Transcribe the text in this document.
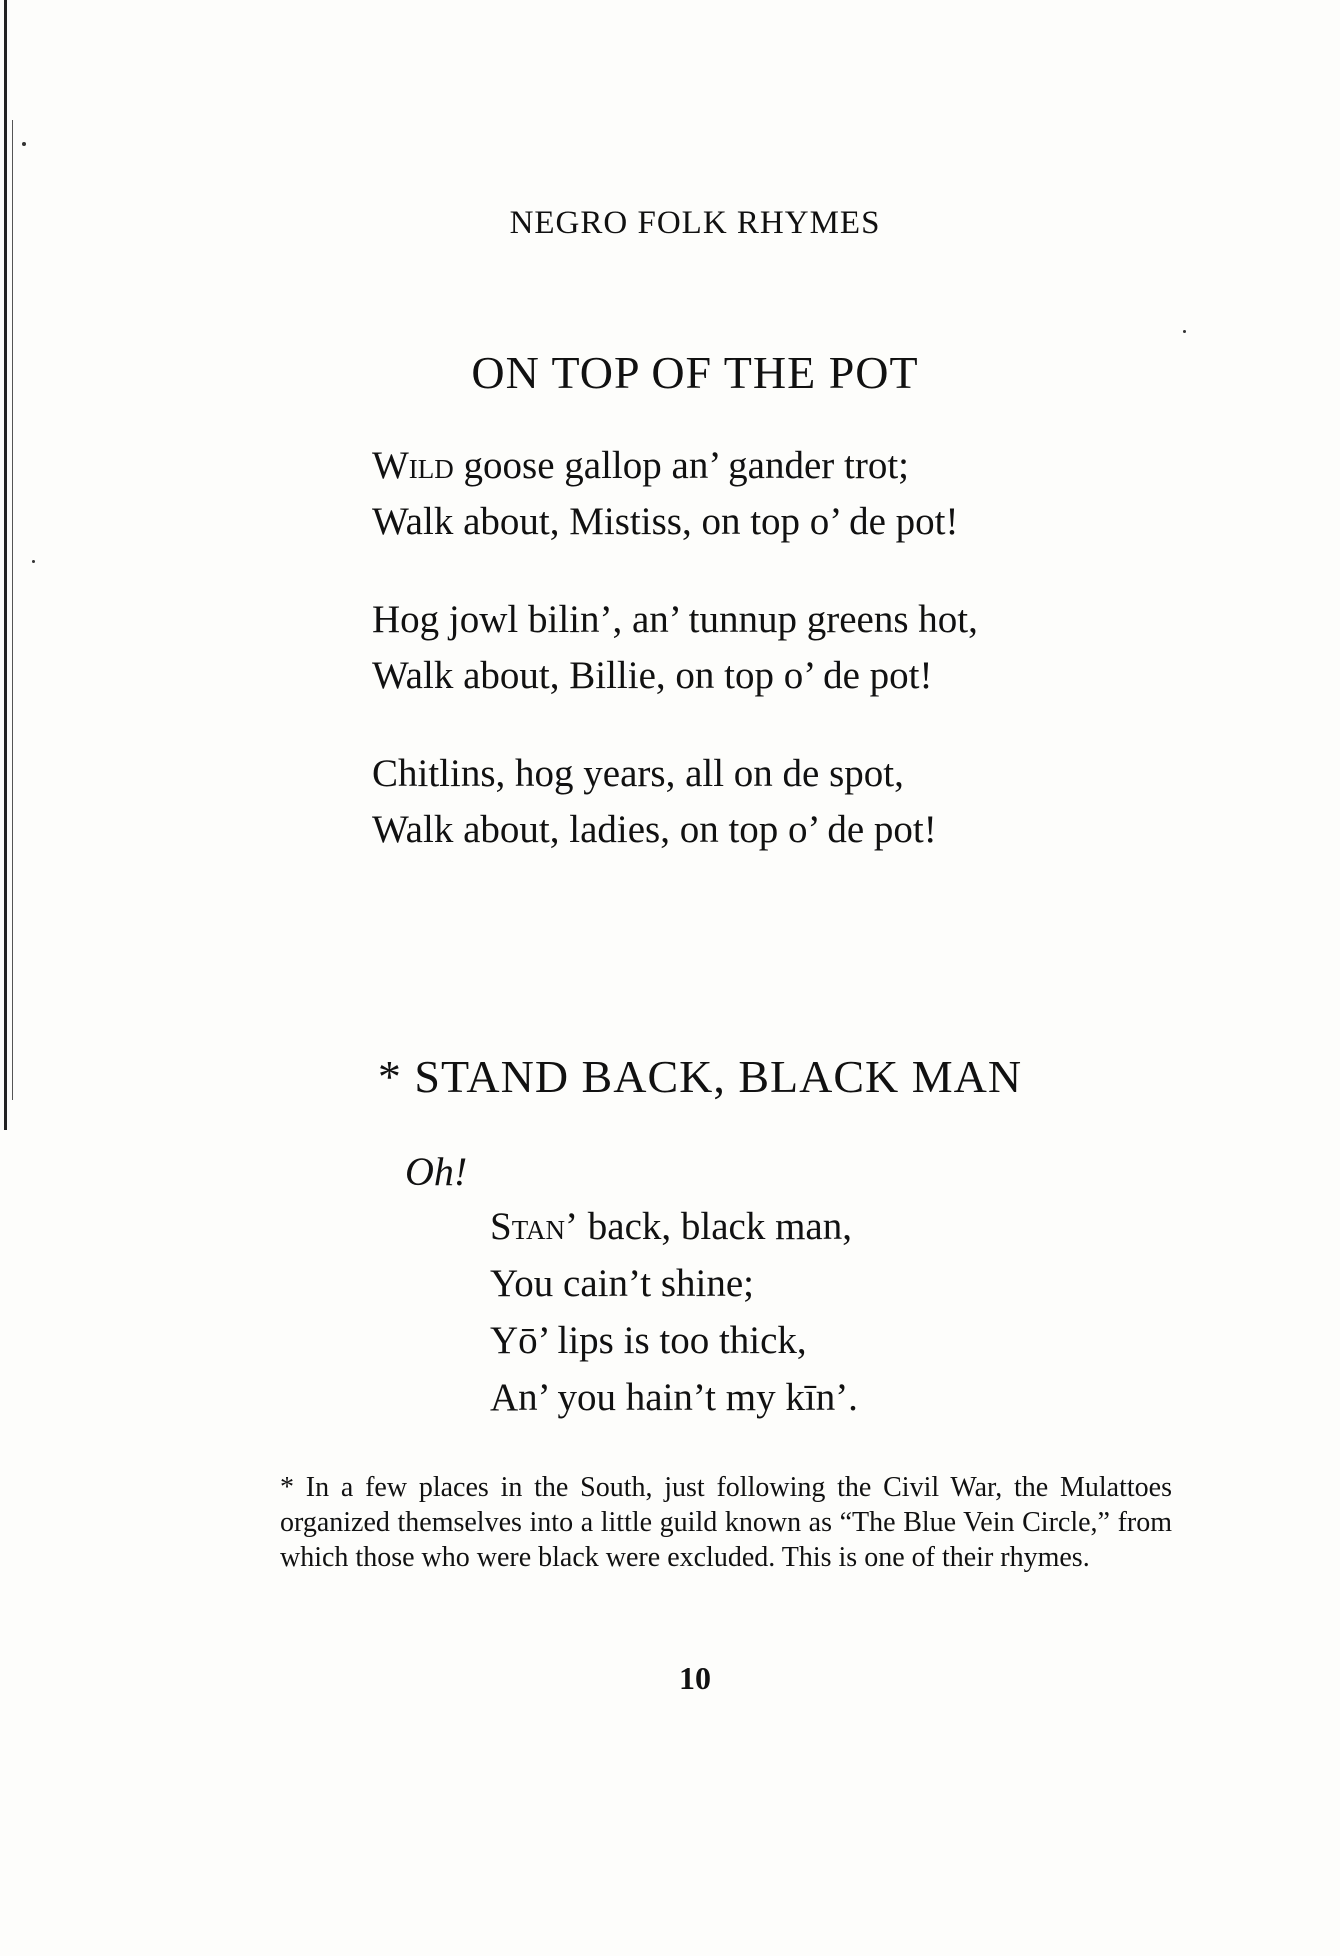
NEGRO FOLK RHYMES
ON TOP OF THE POT
Wild goose gallop an’ gander trot;
Walk about, Mistiss, on top o’ de pot!
Hog jowl bilin’, an’ tunnup greens hot,
Walk about, Billie, on top o’ de pot!
Chitlins, hog years, all on de spot,
Walk about, ladies, on top o’ de pot!
* STAND BACK, BLACK MAN
Oh!
Stan’ back, black man,
You cain’t shine;
Yō’ lips is too thick,
An’ you hain’t my kīn’.
* In a few places in the South, just following the Civil War, the Mulattoes organized themselves into a little guild known as “The Blue Vein Circle,” from which those who were black were excluded. This is one of their rhymes.
10
